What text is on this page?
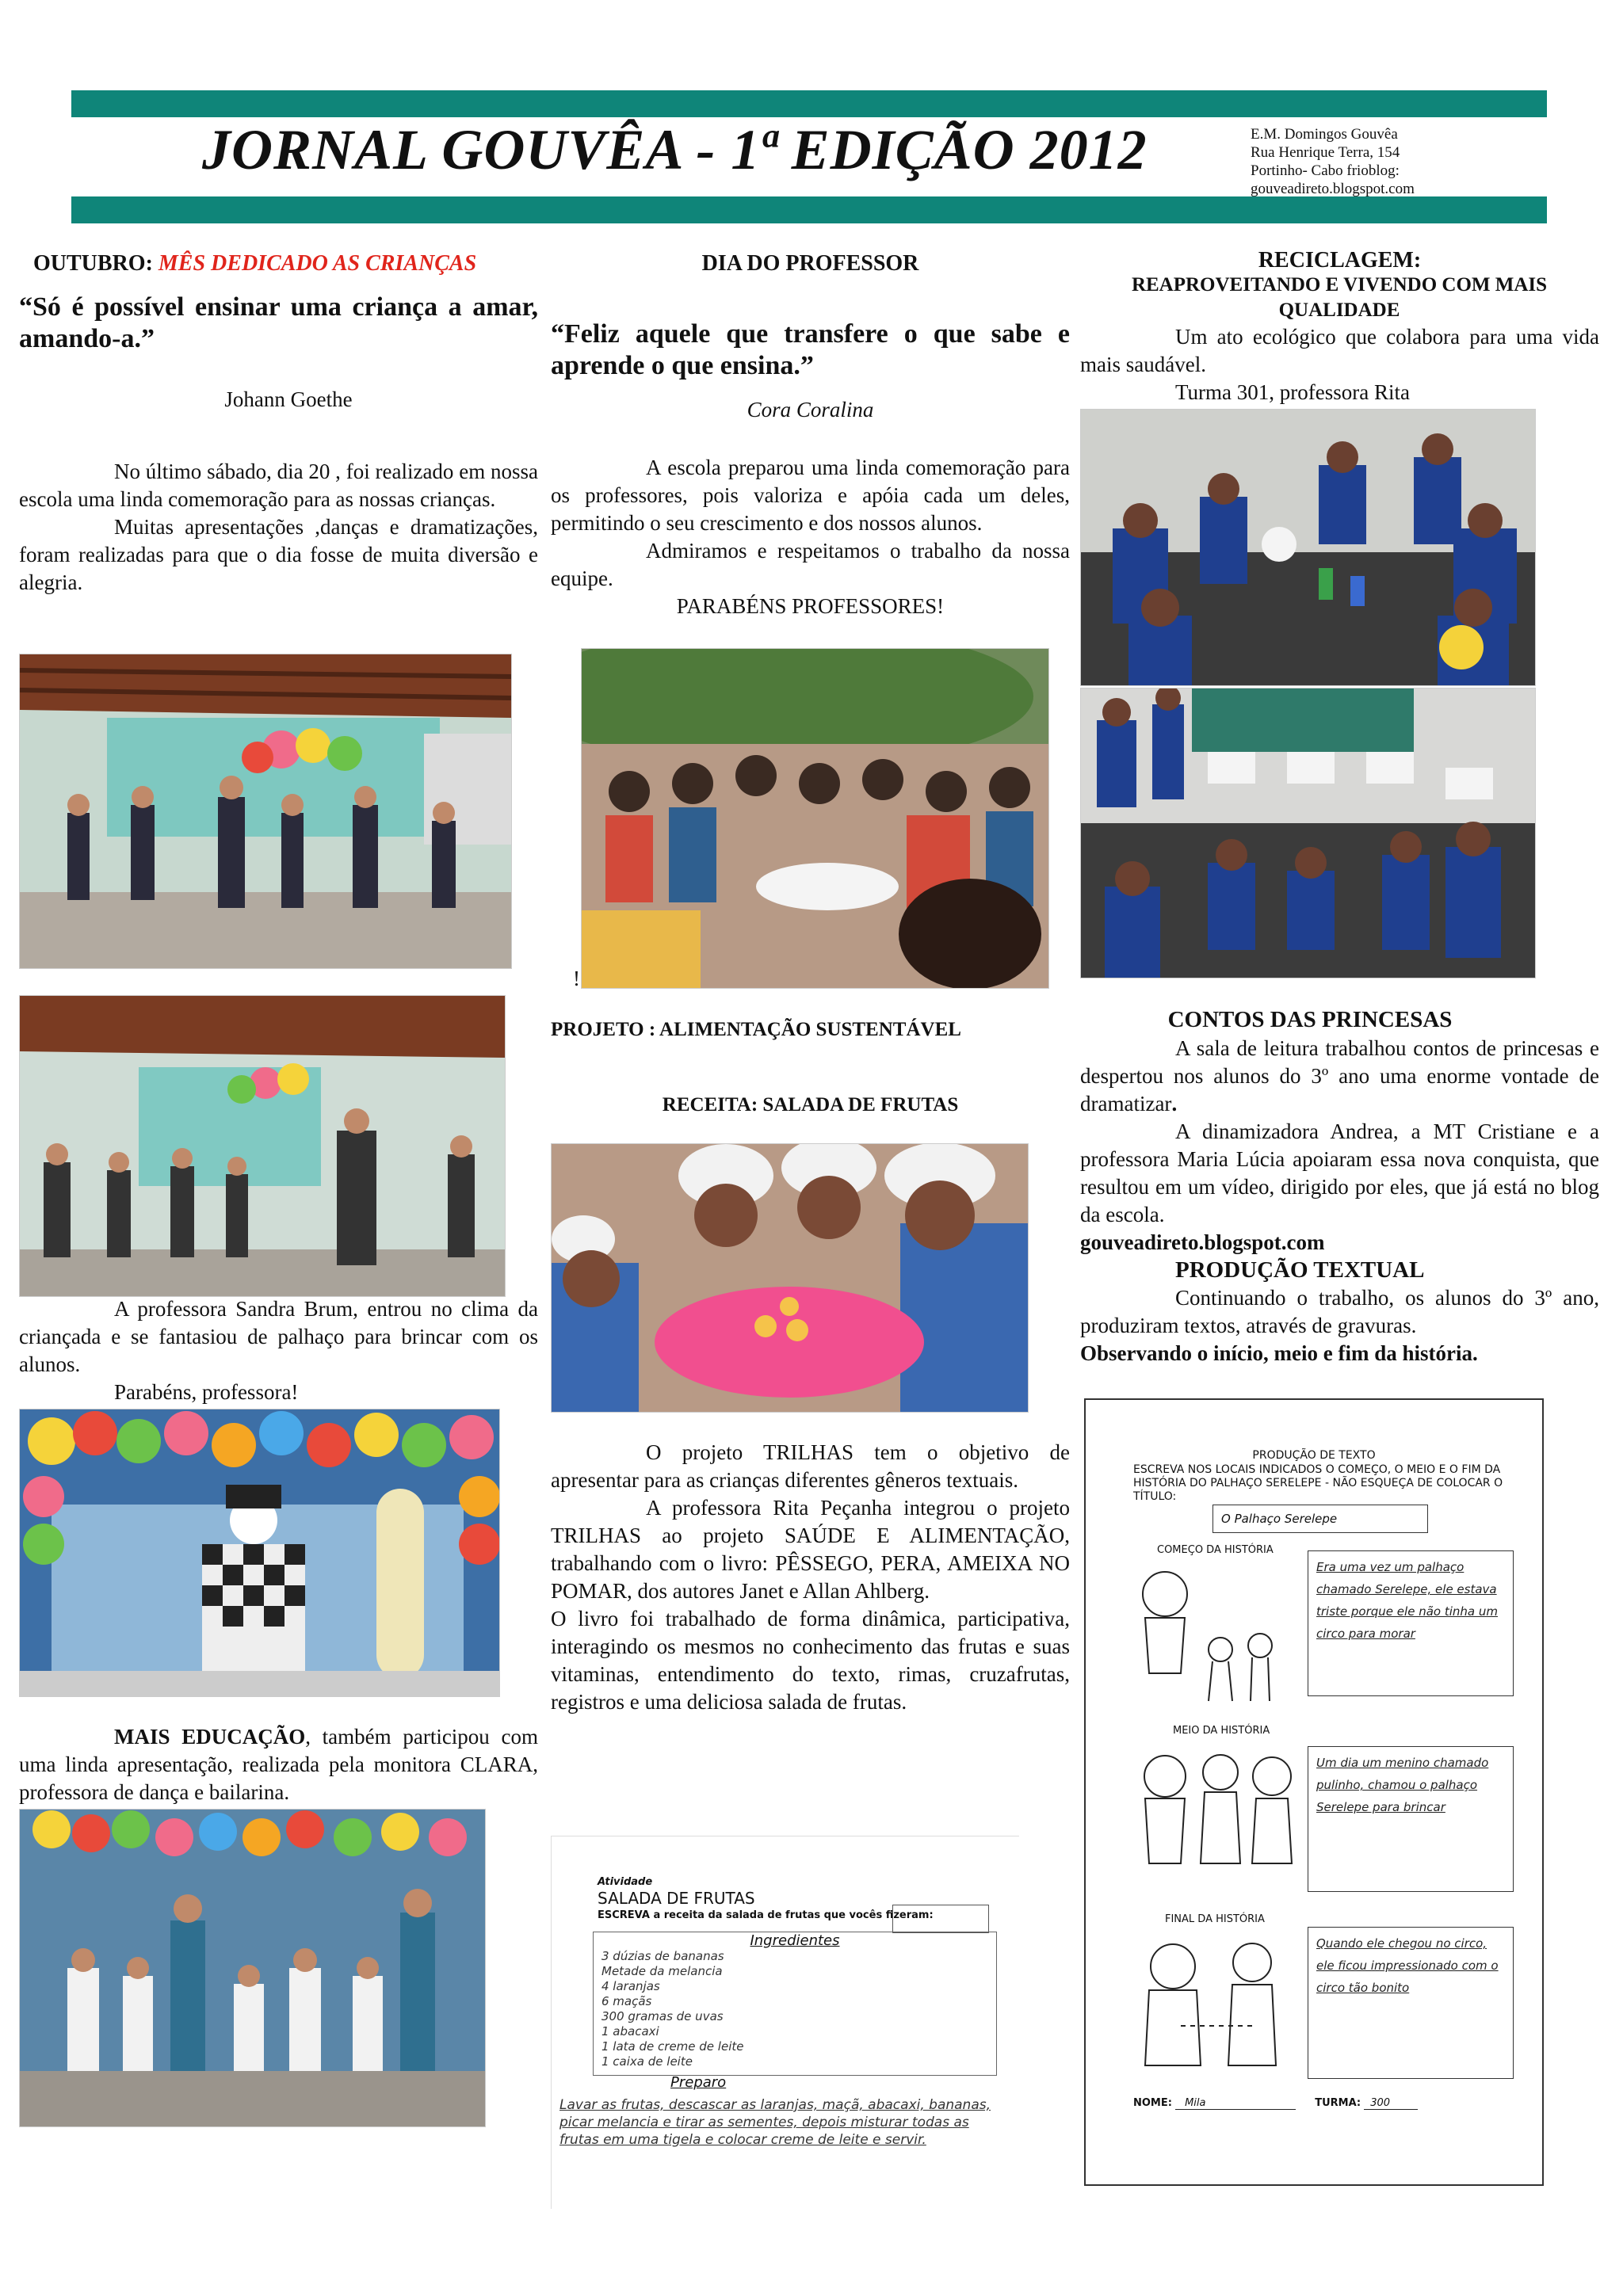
JORNAL GOUVÊA - 1ª EDIÇÃO 2012	E.M. Domingos Gouvêa
Rua Henrique Terra, 154
Portinho- Cabo frioblog:
gouveadireto.blogspot.com
OUTUBRO: MÊS DEDICADO AS CRIANÇAS
“Só é possível ensinar uma criança a amar, amando-a.”
Johann Goethe

No último sábado, dia 20 , foi realizado em nossa escola uma linda comemoração para as nossas crianças.

Muitas apresentações ,danças e dramatizações, foram realizadas para que o dia fosse de muita diversão e alegria.

A professora Sandra Brum, entrou no clima da criançada e se fantasiou de palhaço para brincar com os alunos.

Parabéns, professora!

MAIS EDUCAÇÃO, também participou com uma linda apresentação, realizada pela monitora CLARA, professora de dança e bailarina.
DIA DO PROFESSOR
“Feliz aquele que transfere o que sabe e aprende o que ensina.”
Cora Coralina

A escola preparou uma linda comemoração para os professores, pois valoriza e apóia cada um deles, permitindo o seu crescimento e dos nossos alunos.

Admiramos e respeitamos o trabalho da nossa equipe.

PARABÉNS PROFESSORES!

!
PROJETO : ALIMENTAÇÃO SUSTENTÁVEL
RECEITA: SALADA DE FRUTAS

O projeto TRILHAS tem o objetivo de apresentar para as crianças diferentes gêneros textuais.

A professora Rita Peçanha integrou o projeto TRILHAS ao projeto SAÚDE E ALIMENTAÇÃO, trabalhando com o livro: PÊSSEGO, PERA, AMEIXA NO POMAR, dos autores Janet e Allan Ahlberg.

O livro foi trabalhado de forma dinâmica, participativa, interagindo os mesmos no conhecimento das frutas e suas vitaminas, entendimento do texto, rimas, cruzafrutas, registros e uma deliciosa salada de frutas.

Atividade
SALADA DE FRUTAS
ESCREVA a receita da salada de frutas que vocês fizeram:
Ingredientes
3 dúzias de bananas
Metade da melancia
4 laranjas
6 maçãs
300 gramas de uvas
1 abacaxi
1 lata de creme de leite
1 caixa de leite
Preparo
Lavar as frutas, descascar as laranjas, maçã, abacaxi, bananas, picar melancia e tirar as sementes, depois misturar todas as frutas em uma tigela e colocar creme de leite e servir.
RECICLAGEM:
REAPROVEITANDO E VIVENDO COM MAIS QUALIDADE

Um ato ecológico que colabora para uma vida mais saudável.

Turma 301, professora Rita

CONTOS DAS PRINCESAS

A sala de leitura trabalhou contos de princesas e despertou nos alunos do 3º ano uma enorme vontade de dramatizar.

A dinamizadora Andrea, a MT Cristiane e a professora Maria Lúcia apoiaram essa nova conquista, que resultou em um vídeo, dirigido por eles, que já está no blog da escola.

gouveadireto.blogspot.com

PRODUÇÃO TEXTUAL

Continuando o trabalho, os alunos do 3º ano, produziram textos, através de gravuras.

Observando o início, meio e fim da história.

PRODUÇÃO DE TEXTO
ESCREVA NOS LOCAIS INDICADOS O COMEÇO, O MEIO E O FIM DA HISTÓRIA DO PALHAÇO SERELEPE - NÃO ESQUEÇA DE COLOCAR O TÍTULO:
O Palhaço Serelepe
COMEÇO DA HISTÓRIA
Era uma vez um palhaço chamado Serelepe, ele estava triste porque ele não tinha um circo para morar
MEIO DA HISTÓRIA
Um dia um menino chamado pulinho, chamou o palhaço Serelepe para brincar
FINAL DA HISTÓRIA
Quando ele chegou no circo, ele ficou impressionado com o circo tão bonito
NOME: Mila	TURMA: 300
